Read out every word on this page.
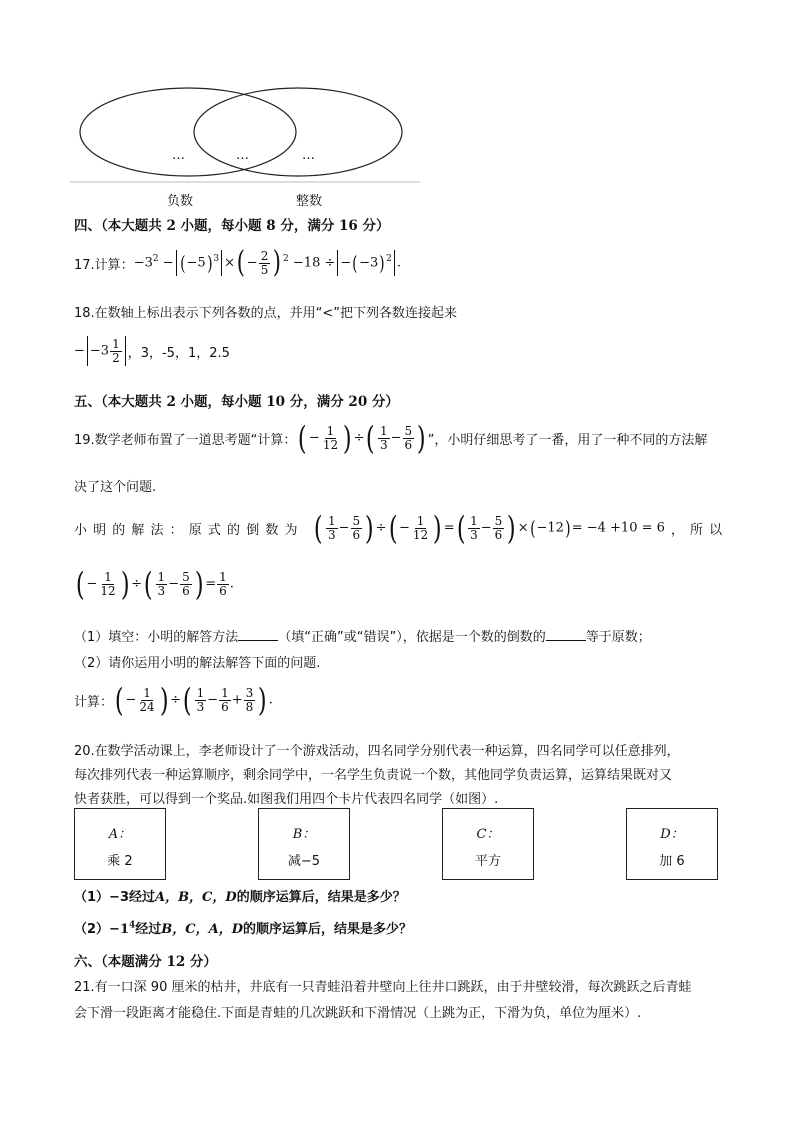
…	…	…
负数	整数
四、（本大题共 2 小题，每小题 8 分，满分 16 分）
17.计算： $-3^2 - (-5)^3$ ×( − $\frac{2}{5}$ ) $^2 -18 \div -(-3)^2$ .
18.在数轴上标出表示下列各数的点，并用“<”把下列各数连接起来
− $-3 \frac{1}{2}$ ，3，-5，1，2.5
五、（本大题共 2 小题，每小题 10 分，满分 20 分）
19.数学老师布置了一道思考题“计算： ( − $\frac{1}{12}$ ) ÷( $\frac{1}{3} - \frac{5}{6}$ ) ”，小明仔细思考了一番，用了一种不同的方法解
决了这个问题.
小 明 的 解 法 ： 原 式 的 倒 数 为 ( $\frac{1}{3} - \frac{5}{6}$ ) ÷( − $\frac{1}{12}$ ) =( $\frac{1}{3} - \frac{5}{6}$ ) ×(−12)= −4 +10 = 6 ， 所 以
( − $\frac{1}{12}$ ) ÷( $\frac{1}{3} - \frac{5}{6}$ ) = $\frac{1}{6}$ .
（1）填空：小明的解答方法	（填“正确”或“错误”），依据是一个数的倒数的	等于原数；
（2）请你运用小明的解法解答下面的问题.
计算： ( − $\frac{1}{24}$ ) ÷( $\frac{1}{3} - \frac{1}{6} + \frac{3}{8}$ ) .
20.在数学活动课上，李老师设计了一个游戏活动，四名同学分别代表一种运算，四名同学可以任意排列，
每次排列代表一种运算顺序，剩余同学中，一名学生负责说一个数，其他同学负责运算，运算结果既对又
快者获胜，可以得到一个奖品.如图我们用四个卡片代表四名同学（如图）.
A：
乘 2
B：
减−5
C：
平方
D：
加 6
（1）−3经过A，B，C，D的顺序运算后，结果是多少？
$(2)-1^4$经过B，C，A，D的顺序运算后，结果是多少？
六、（本题满分 12 分）
21.有一口深 90 厘米的枯井，井底有一只青蛙沿着井壁向上往井口跳跃，由于井壁较滑，每次跳跃之后青蛙
会下滑一段距离才能稳住.下面是青蛙的几次跳跃和下滑情况（上跳为正，下滑为负，单位为厘米）.
